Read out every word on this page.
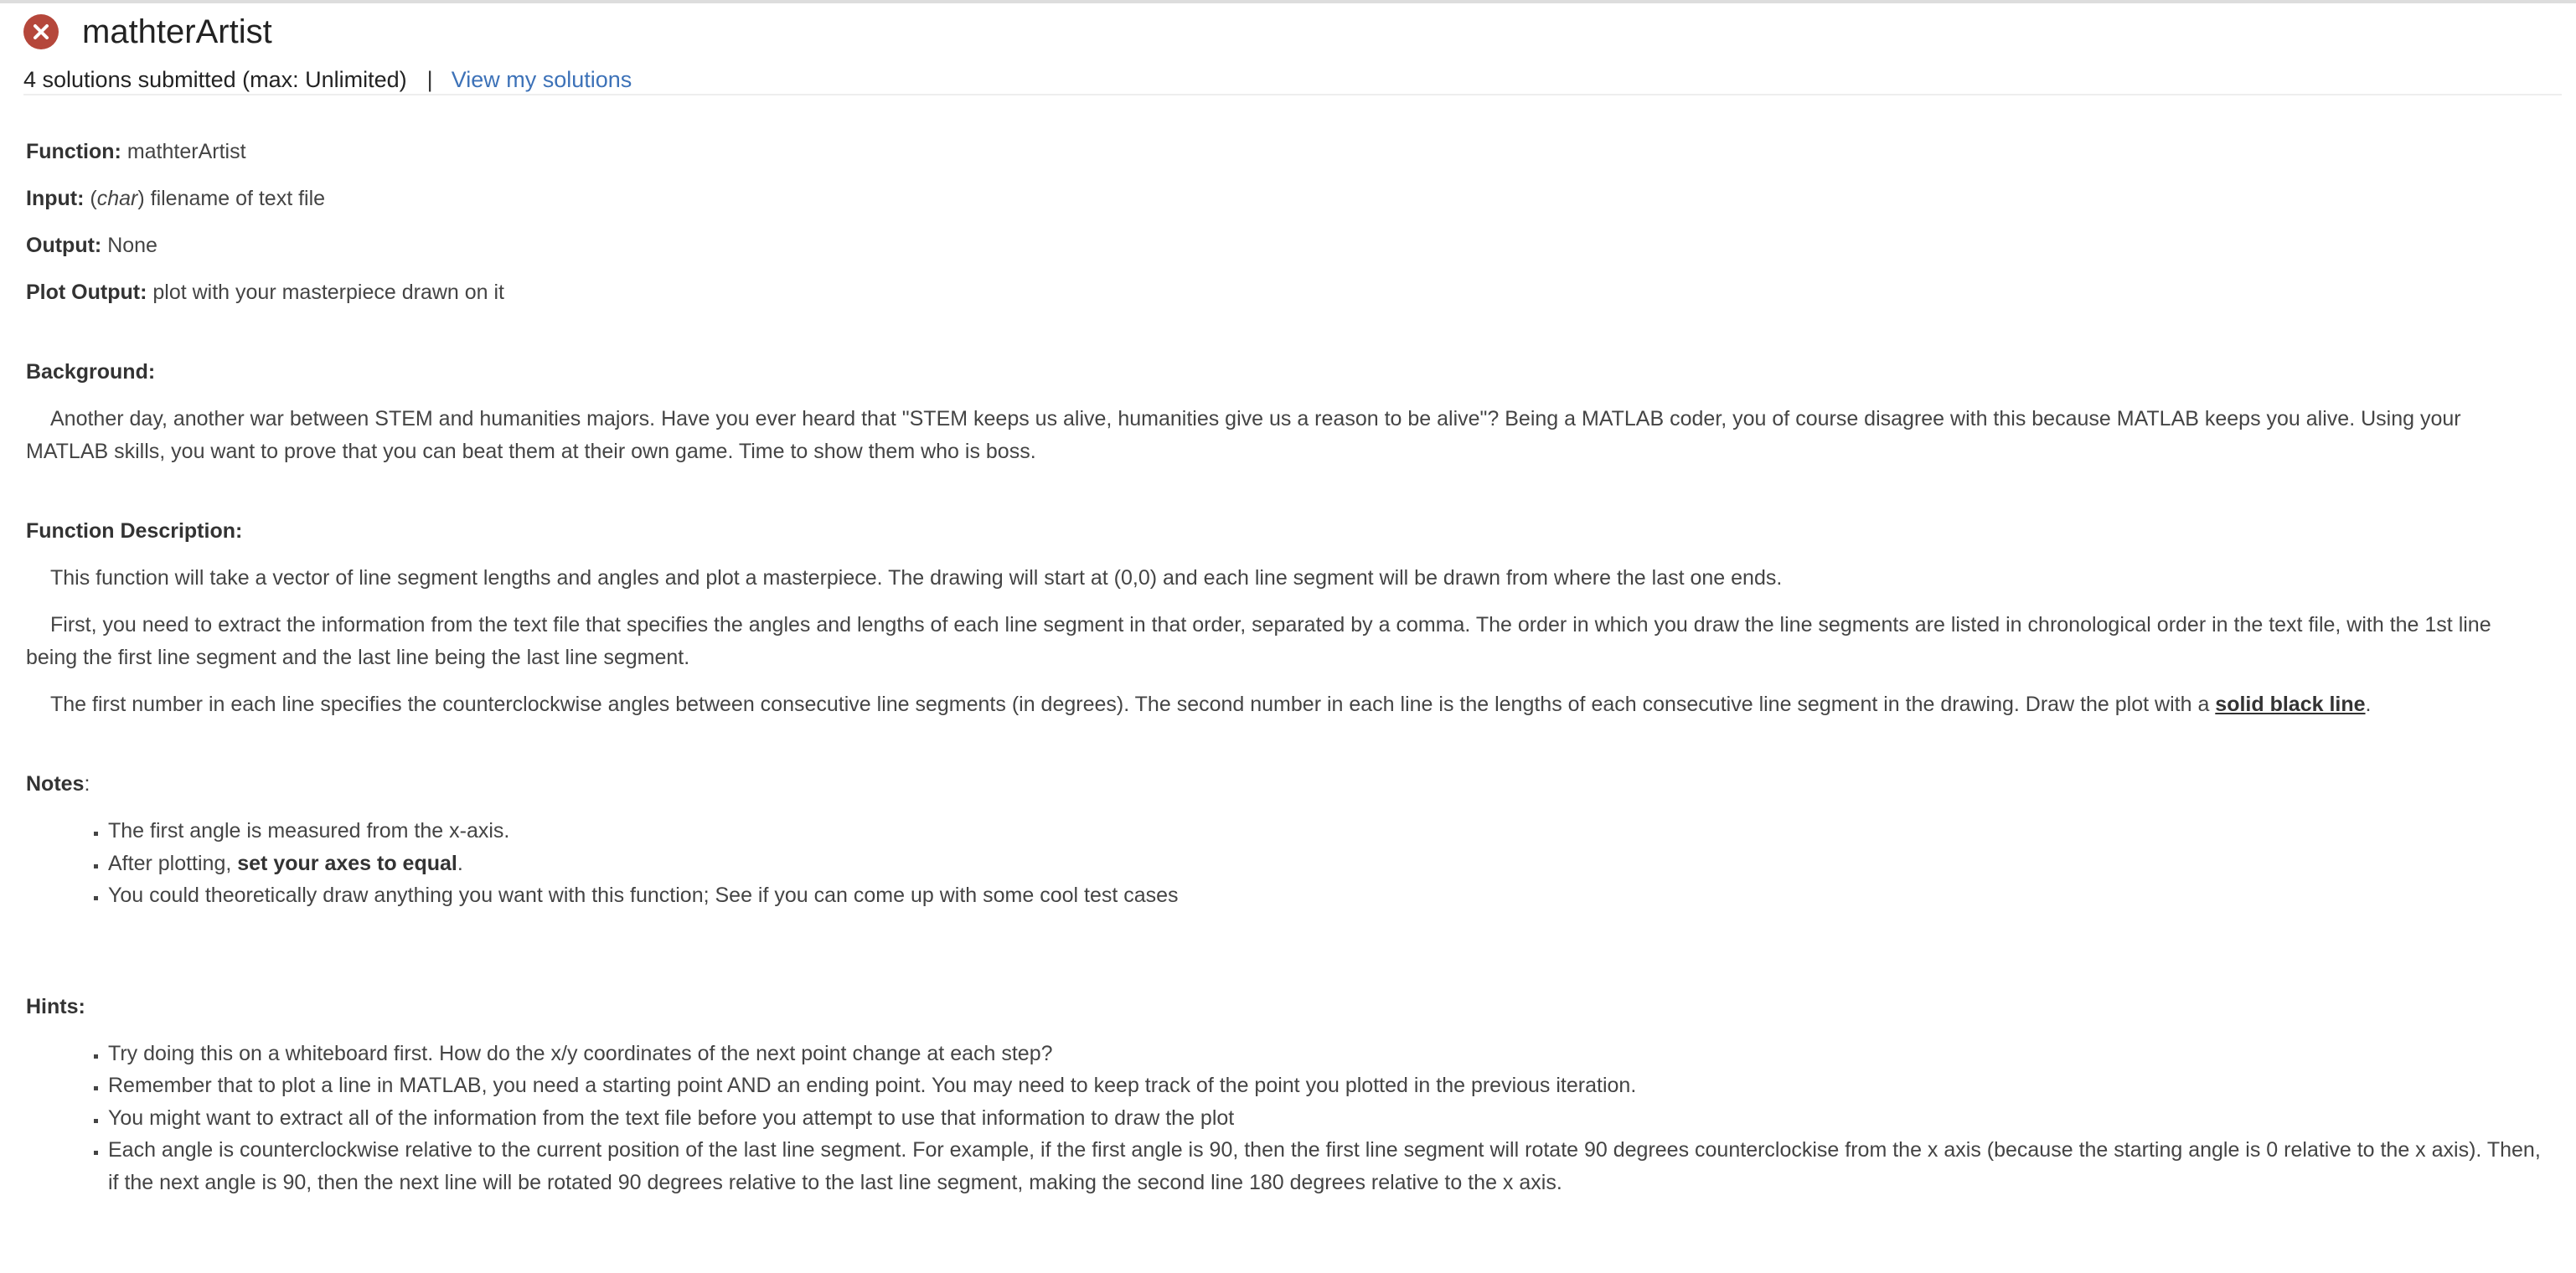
mathterArtist
4 solutions submitted (max: Unlimited) | View my solutions

Function: mathterArtist

Input: (char) filename of text file

Output: None

Plot Output: plot with your masterpiece drawn on it

Background:

Another day, another war between STEM and humanities majors. Have you ever heard that "STEM keeps us alive, humanities give us a reason to be alive"? Being a MATLAB coder, you of course disagree with this because MATLAB keeps you alive. Using your MATLAB skills, you want to prove that you can beat them at their own game. Time to show them who is boss.

Function Description:

This function will take a vector of line segment lengths and angles and plot a masterpiece. The drawing will start at (0,0) and each line segment will be drawn from where the last one ends.

First, you need to extract the information from the text file that specifies the angles and lengths of each line segment in that order, separated by a comma. The order in which you draw the line segments are listed in chronological order in the text file, with the 1st line being the first line segment and the last line being the last line segment.

The first number in each line specifies the counterclockwise angles between consecutive line segments (in degrees). The second number in each line is the lengths of each consecutive line segment in the drawing. Draw the plot with a solid black line.

Notes:

▪ The first angle is measured from the x-axis.
▪ After plotting, set your axes to equal.
▪ You could theoretically draw anything you want with this function; See if you can come up with some cool test cases

Hints:

▪ Try doing this on a whiteboard first. How do the x/y coordinates of the next point change at each step?
▪ Remember that to plot a line in MATLAB, you need a starting point AND an ending point. You may need to keep track of the point you plotted in the previous iteration.
▪ You might want to extract all of the information from the text file before you attempt to use that information to draw the plot
▪ Each angle is counterclockwise relative to the current position of the last line segment. For example, if the first angle is 90, then the first line segment will rotate 90 degrees counterclockise from the x axis (because the starting angle is 0 relative to the x axis). Then, if the next angle is 90, then the next line will be rotated 90 degrees relative to the last line segment, making the second line 180 degrees relative to the x axis.
